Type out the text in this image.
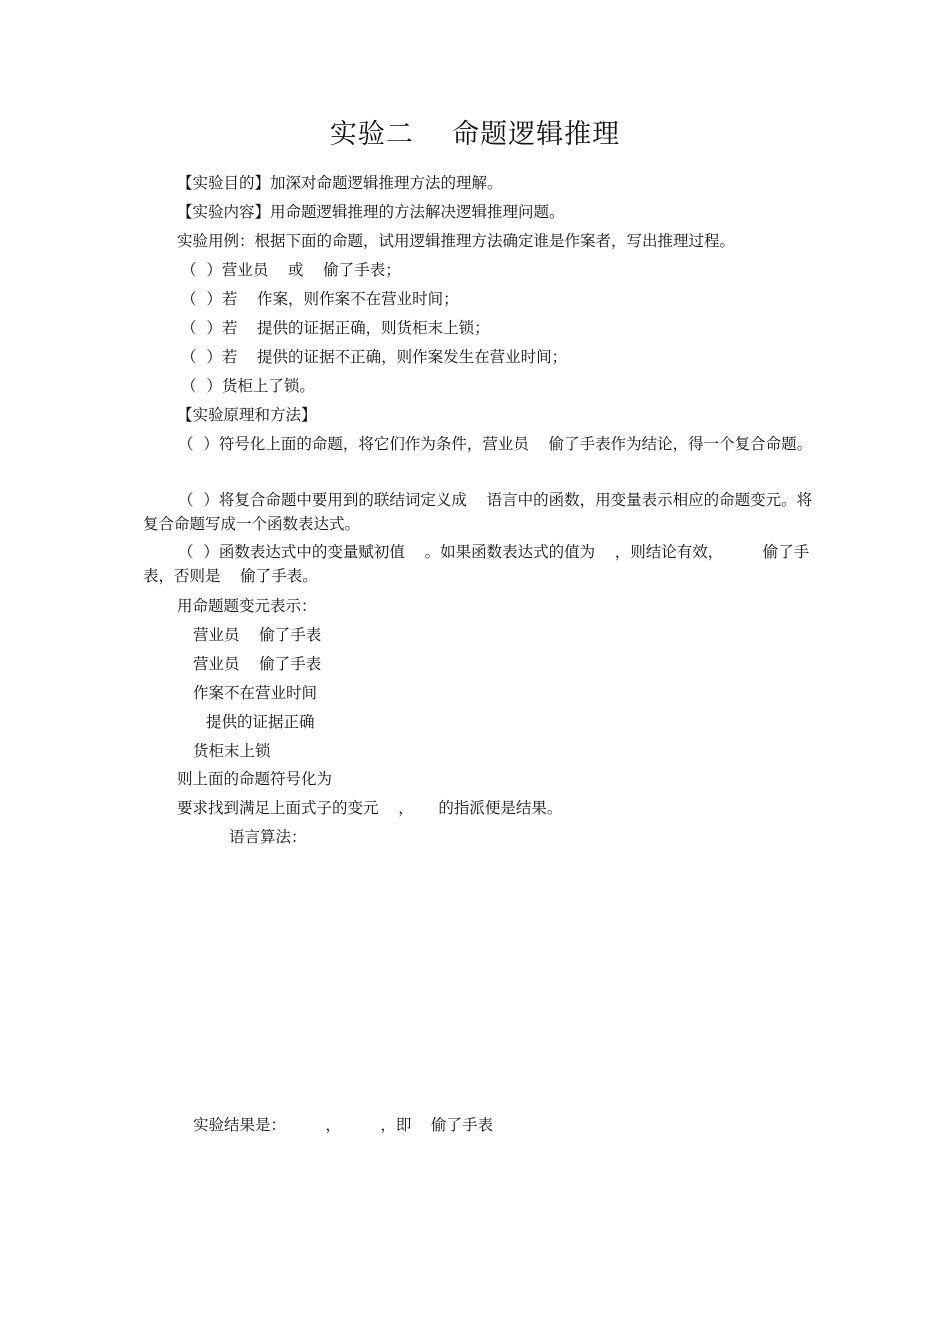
实验二    命题逻辑推理
【实验目的】加深对命题逻辑推理方法的理解。
【实验内容】用命题逻辑推理的方法解决逻辑推理问题。
实验用例：根据下面的命题，试用逻辑推理方法确定谁是作案者，写出推理过程。
（  ）营业员    或    偷了手表；
（  ）若    作案，则作案不在营业时间；
（  ）若    提供的证据正确，则货柜末上锁；
（  ）若    提供的证据不正确，则作案发生在营业时间；
（  ）货柜上了锁。
【实验原理和方法】
（  ）符号化上面的命题，将它们作为条件，营业员    偷了手表作为结论，得一个复合命题。
（  ）将复合命题中要用到的联结词定义成    语言中的函数，用变量表示相应的命题变元。将复合命题写成一个函数表达式。
（  ）函数表达式中的变量赋初值    。如果函数表达式的值为    ，则结论有效，        偷了手表，否则是    偷了手表。
用命题题变元表示：
营业员    偷了手表
营业员    偷了手表
作案不在营业时间
提供的证据正确
货柜末上锁
则上面的命题符号化为
要求找到满足上面式子的变元    ，     的指派便是结果。
语言算法：
实验结果是：        ，        ，即    偷了手表
